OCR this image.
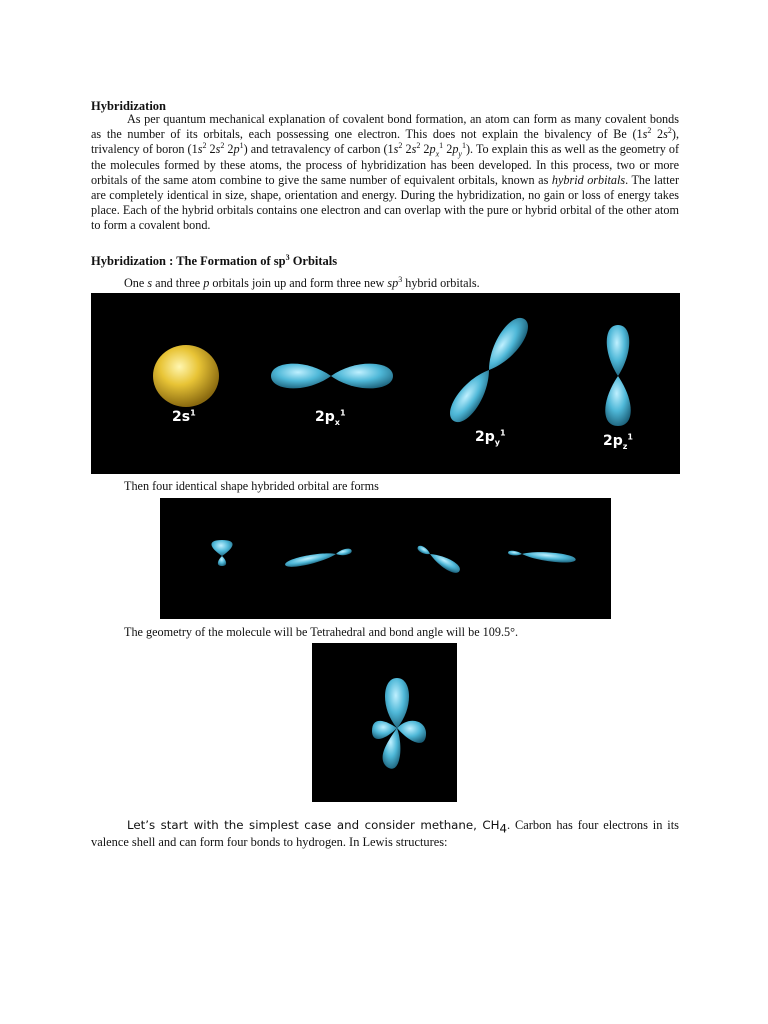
Hybridization
As per quantum mechanical explanation of covalent bond formation, an atom can form as many covalent bonds as the number of its orbitals, each possessing one electron. This does not explain the bivalency of Be ($1s^2$ $2s^2$), trivalency of boron ($1s^2$ $2s^2$ $2p^1$) and tetravalency of carbon ($1s^2$ $2s^2$ $2p_x^1$ $2p_y^1$). To explain this as well as the geometry of the molecules formed by these atoms, the process of hybridization has been developed. In this process, two or more orbitals of the same atom combine to give the same number of equivalent orbitals, known as hybrid orbitals. The latter are completely identical in size, shape, orientation and energy. During the hybridization, no gain or loss of energy takes place. Each of the hybrid orbitals contains one electron and can overlap with the pure or hybrid orbital of the other atom to form a covalent bond.
Hybridization : The Formation of $sp^3$ Orbitals
One s and three p orbitals join up and form three new $sp^3$ hybrid orbitals.
$2s^1$	$2p_x^1$
$2p_y^1$
$2p_z^1$
Then four identical shape hybrided orbital are forms
The geometry of the molecule will be Tetrahedral and bond angle will be 109.5°.
Let’s start with the simplest case and consider methane, $CH_4$. Carbon has four electrons in its valence shell and can form four bonds to hydrogen. In Lewis structures:
